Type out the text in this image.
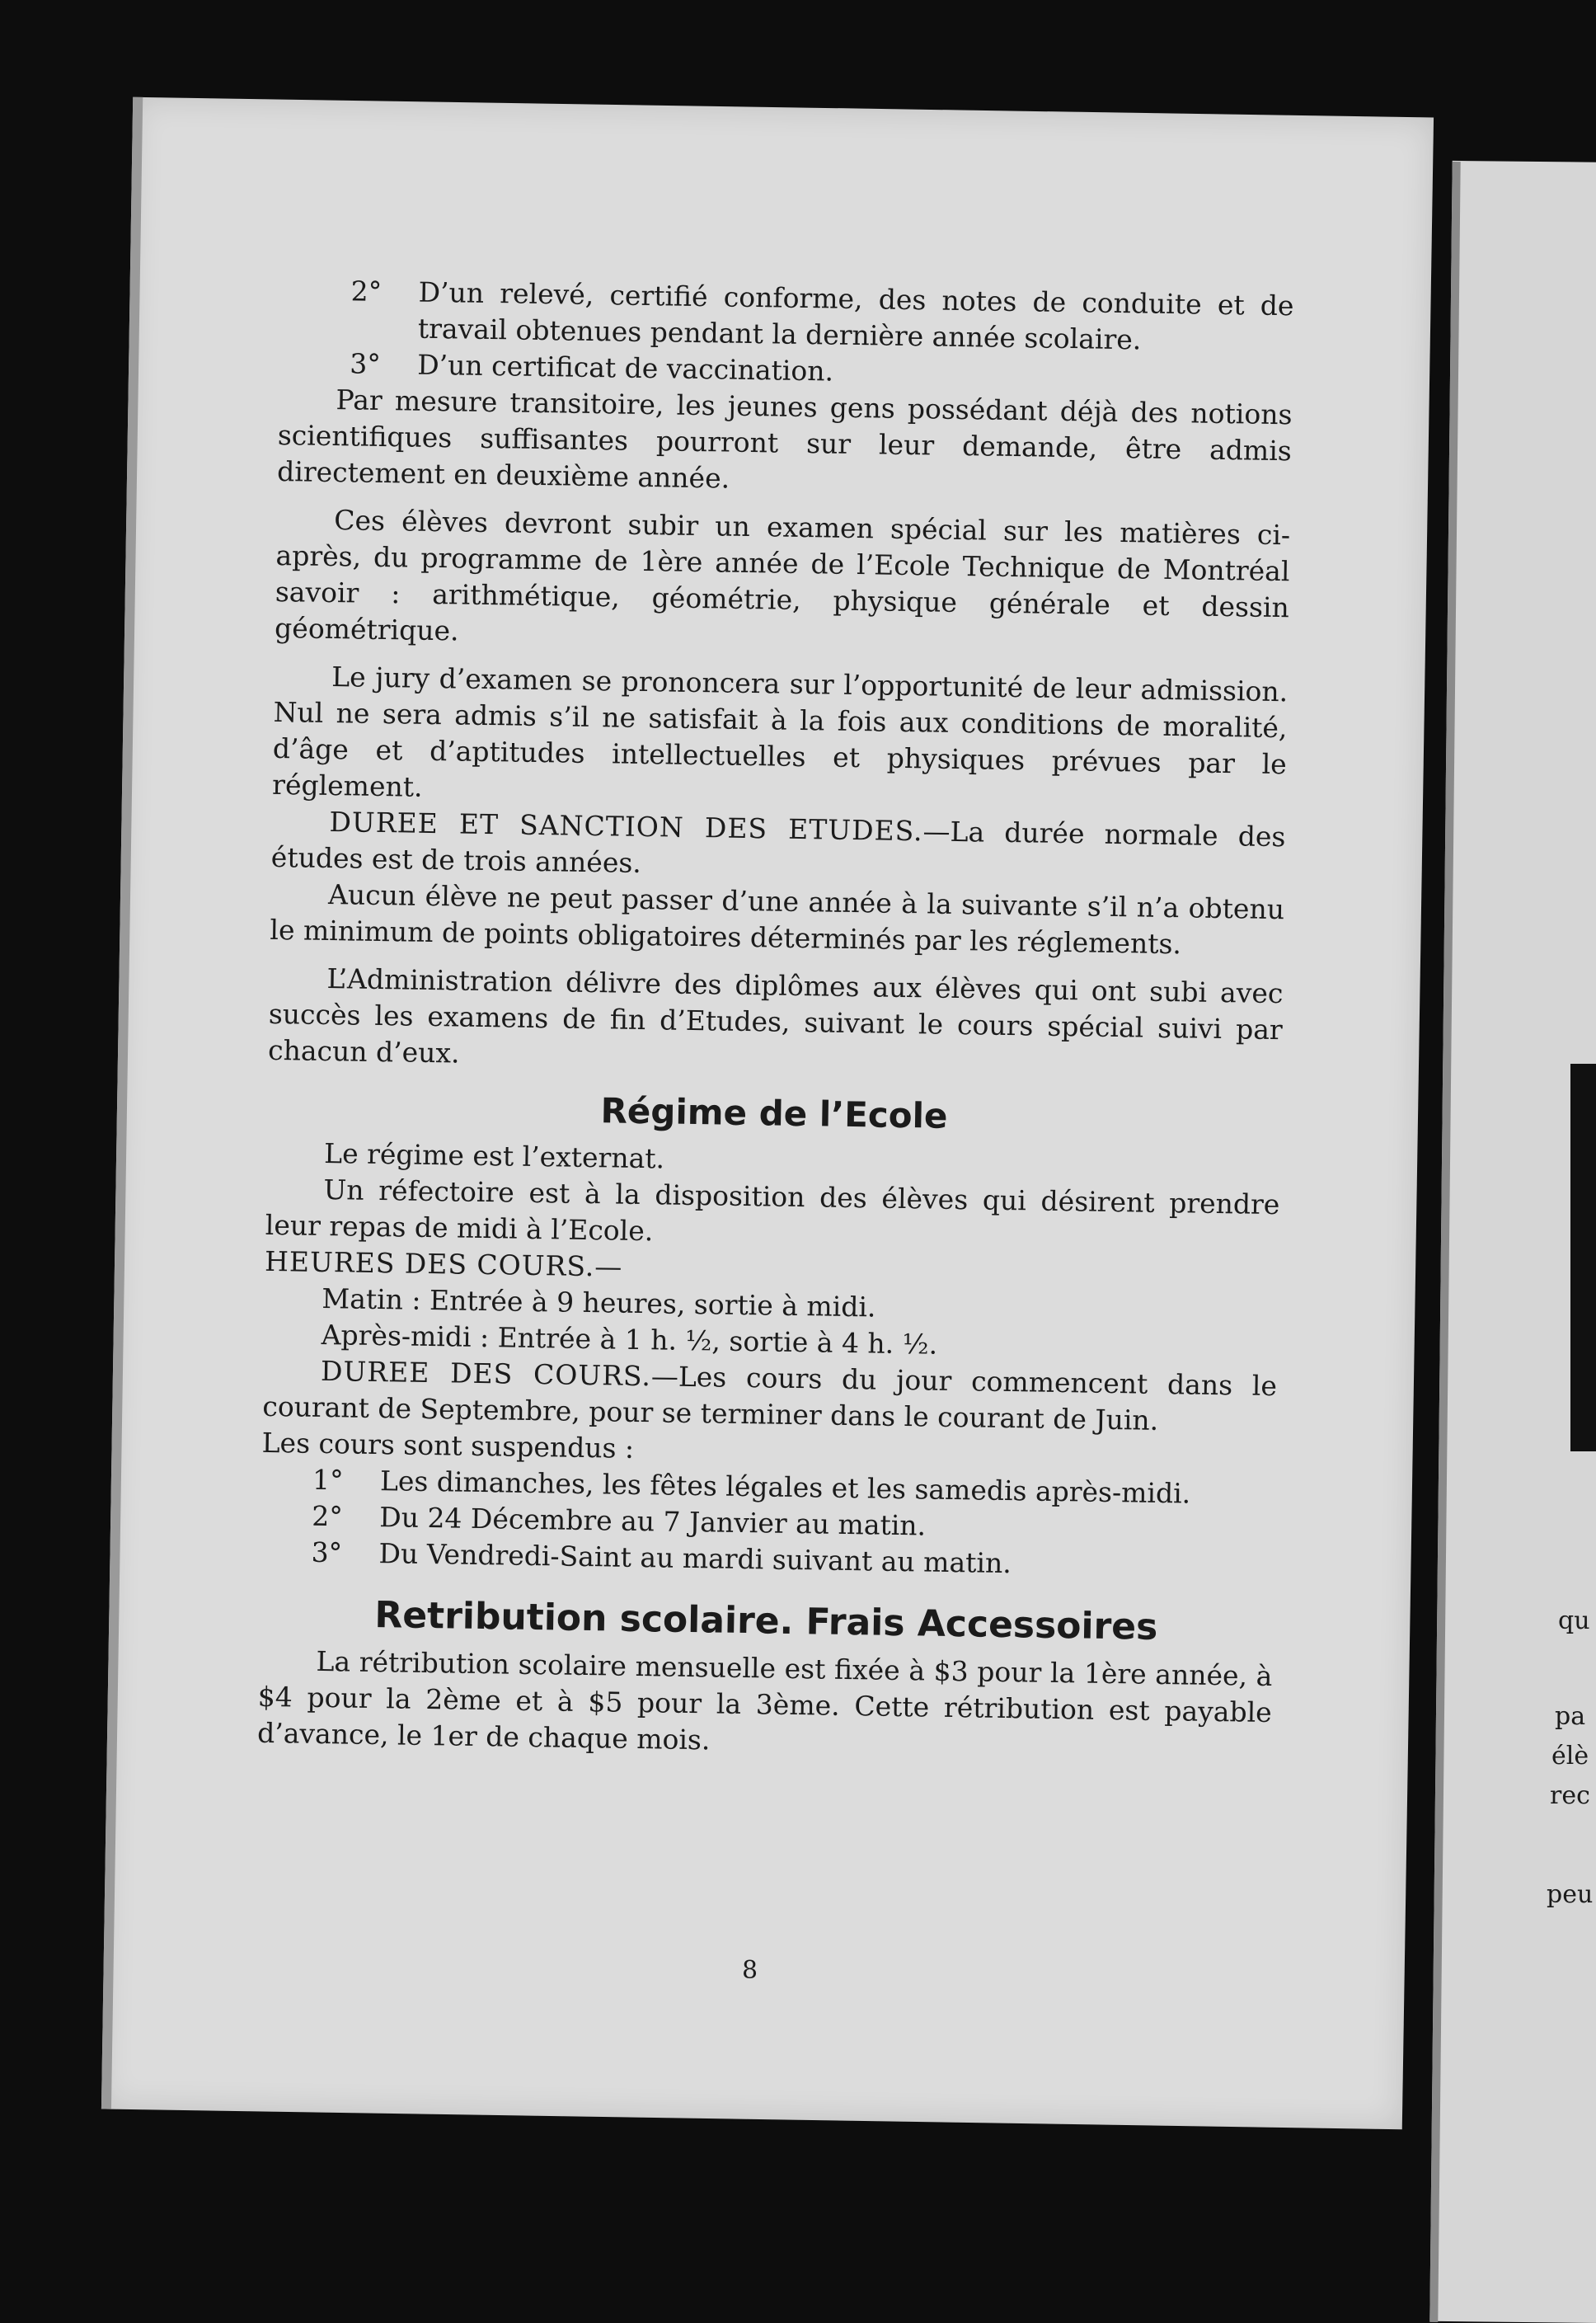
qu
pa
élè
rec
peu

2°	D’un relevé, certifié conforme, des notes de conduite et de travail obtenues pendant la dernière année scolaire.

3°	D’un certificat de vaccination.

Par mesure transitoire, les jeunes gens possédant déjà des notions scientifiques suffisantes pourront sur leur demande, être admis directement en deuxième année.

Ces élèves devront subir un examen spécial sur les matières ci-après, du programme de 1ère année de l’Ecole Technique de Montréal savoir : arithmétique, géométrie, physique générale et dessin géométrique.

Le jury d’examen se prononcera sur l’opportunité de leur admission. Nul ne sera admis s’il ne satisfait à la fois aux conditions de moralité, d’âge et d’aptitudes intellectuelles et physiques prévues par le réglement.

DUREE ET SANCTION DES ETUDES.—La durée normale des études est de trois années.

Aucun élève ne peut passer d’une année à la suivante s’il n’a obtenu le minimum de points obligatoires déterminés par les réglements.

L’Administration délivre des diplômes aux élèves qui ont subi avec succès les examens de fin d’Etudes, suivant le cours spécial suivi par chacun d’eux.

Régime de l’Ecole

Le régime est l’externat.

Un réfectoire est à la disposition des élèves qui désirent prendre leur repas de midi à l’Ecole.

HEURES DES COURS.—

Matin : Entrée à 9 heures, sortie à midi.

Après-midi : Entrée à 1 h. ½, sortie à 4 h. ½.

DUREE DES COURS.—Les cours du jour commencent dans le courant de Septembre, pour se terminer dans le courant de Juin.

Les cours sont suspendus :

1°	Les dimanches, les fêtes légales et les samedis après-midi.

2°	Du 24 Décembre au 7 Janvier au matin.

3°	Du Vendredi-Saint au mardi suivant au matin.

Retribution scolaire. Frais Accessoires

La rétribution scolaire mensuelle est fixée à $3 pour la 1ère année, à $4 pour la 2ème et à $5 pour la 3ème. Cette rétribution est payable d’avance, le 1er de chaque mois.

8
